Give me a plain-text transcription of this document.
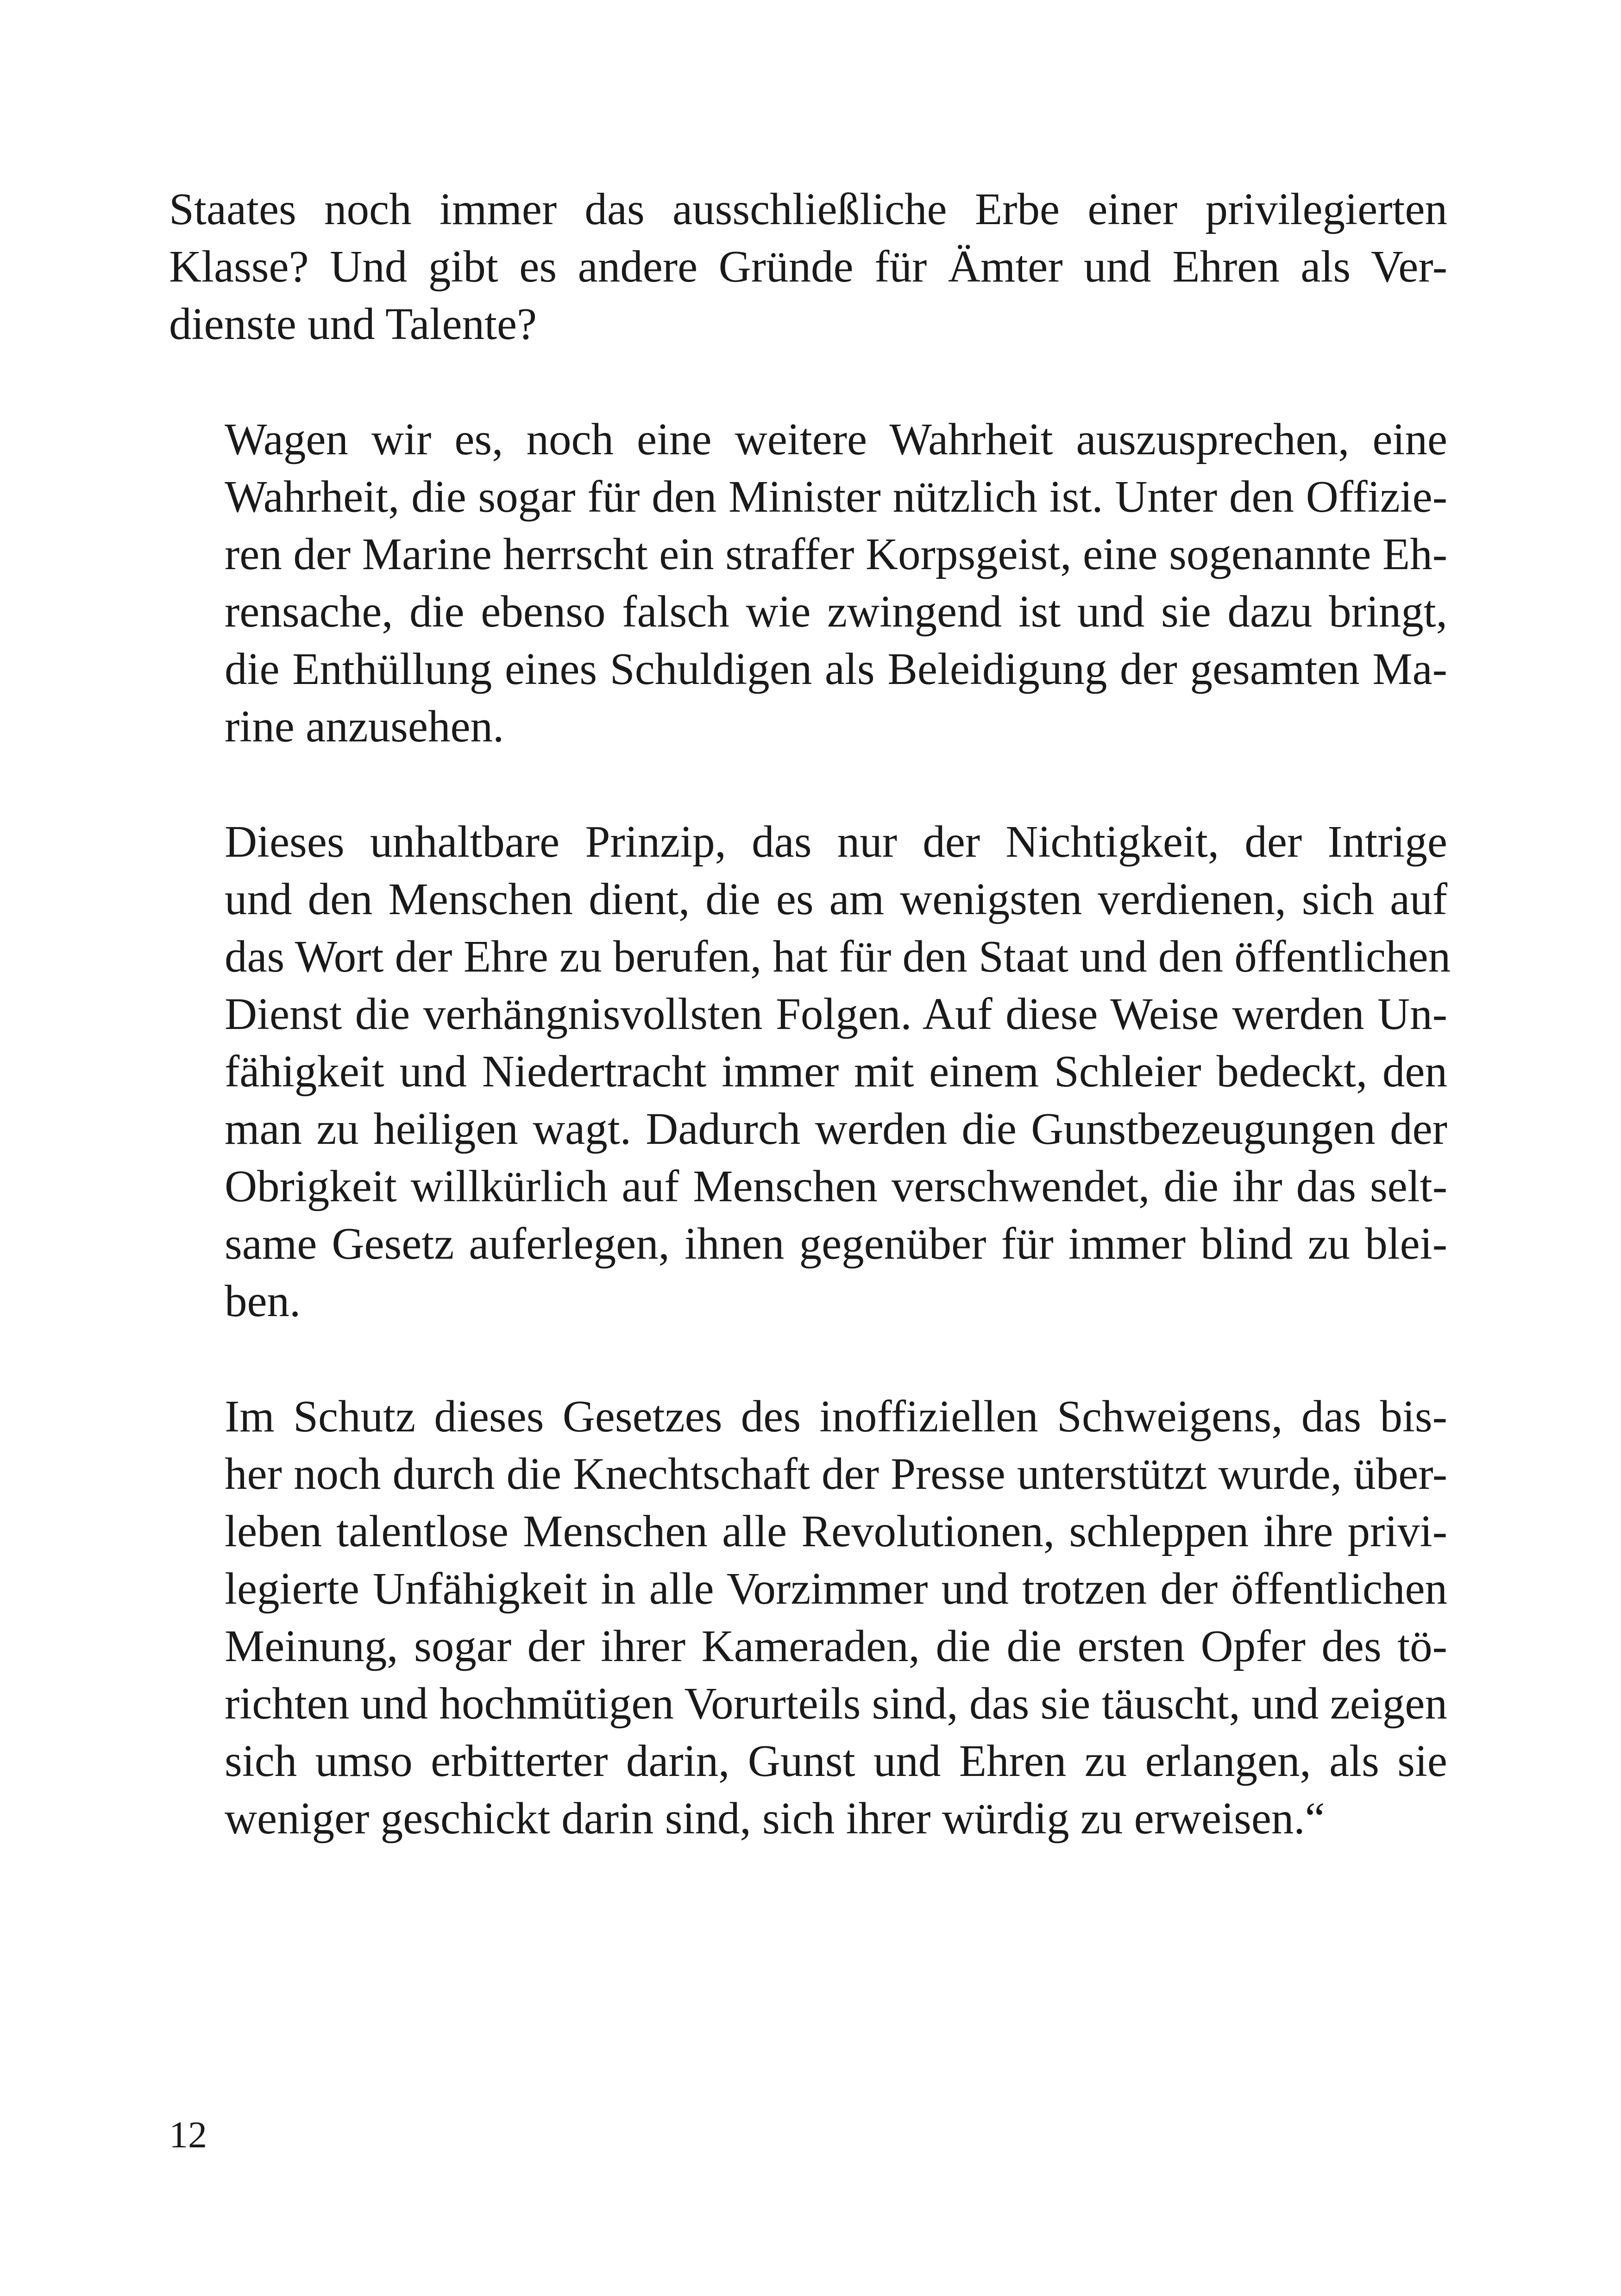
Staates noch immer das ausschließliche Erbe einer privilegierten
Klasse? Und gibt es andere Gründe für Ämter und Ehren als Ver-
dienste und Talente?

Wagen wir es, noch eine weitere Wahrheit auszusprechen, eine
Wahrheit, die sogar für den Minister nützlich ist. Unter den Offizie-
ren der Marine herrscht ein straffer Korpsgeist, eine sogenannte Eh-
rensache, die ebenso falsch wie zwingend ist und sie dazu bringt,
die Enthüllung eines Schuldigen als Beleidigung der gesamten Ma-
rine anzusehen.

Dieses unhaltbare Prinzip, das nur der Nichtigkeit, der Intrige
und den Menschen dient, die es am wenigsten verdienen, sich auf
das Wort der Ehre zu berufen, hat für den Staat und den öffentlichen
Dienst die verhängnisvollsten Folgen. Auf diese Weise werden Un-
fähigkeit und Niedertracht immer mit einem Schleier bedeckt, den
man zu heiligen wagt. Dadurch werden die Gunstbezeugungen der
Obrigkeit willkürlich auf Menschen verschwendet, die ihr das selt-
same Gesetz auferlegen, ihnen gegenüber für immer blind zu blei-
ben.

Im Schutz dieses Gesetzes des inoffiziellen Schweigens, das bis-
her noch durch die Knechtschaft der Presse unterstützt wurde, über-
leben talentlose Menschen alle Revolutionen, schleppen ihre privi-
legierte Unfähigkeit in alle Vorzimmer und trotzen der öffentlichen
Meinung, sogar der ihrer Kameraden, die die ersten Opfer des tö-
richten und hochmütigen Vorurteils sind, das sie täuscht, und zeigen
sich umso erbitterter darin, Gunst und Ehren zu erlangen, als sie
weniger geschickt darin sind, sich ihrer würdig zu erweisen.“

12
